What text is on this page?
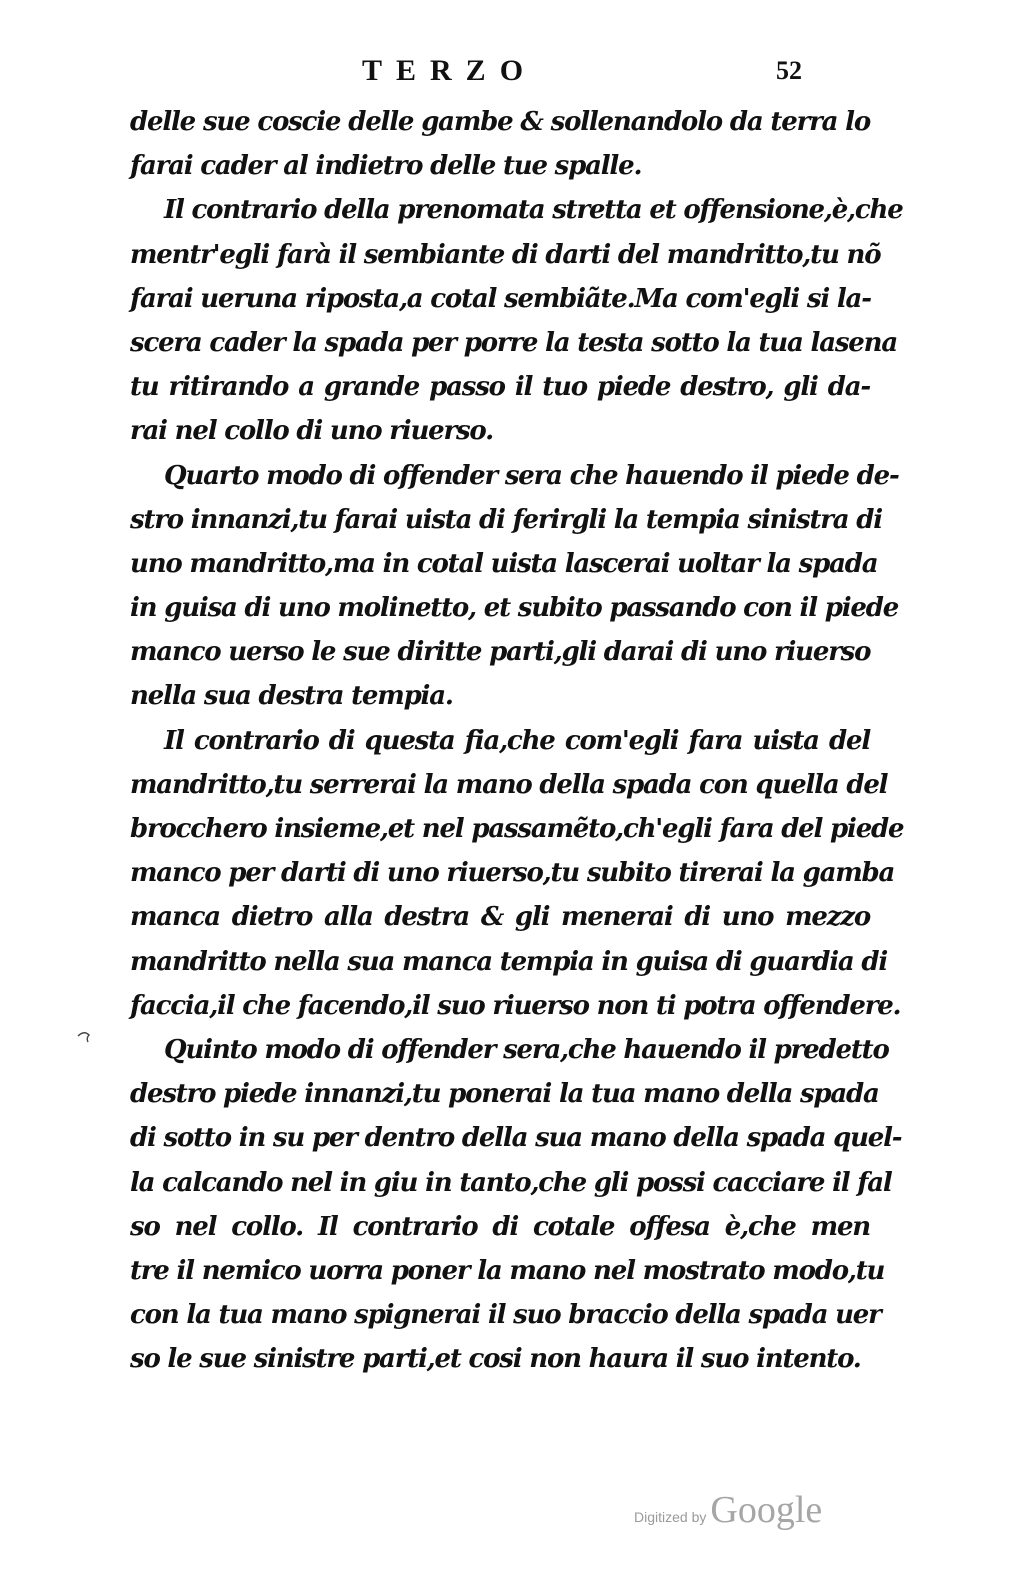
TERZO	52
delle sue coscie delle gambe & sollenandolo da terra lo
farai cader al indietro delle tue spalle.
Il contrario della prenomata stretta et offensione,è,che
mentr'egli farà il sembiante di darti del mandritto,tu nõ
farai ueruna riposta,a cotal sembiãte.Ma com'egli si la-
scera cader la spada per porre la testa sotto la tua lasena
tu ritirando a grande passo il tuo piede destro, gli da-
rai nel collo di uno riuerso.
Quarto modo di offender sera che hauendo il piede de-
stro innanzi,tu farai uista di ferirgli la tempia sinistra di
uno mandritto,ma in cotal uista lascerai uoltar la spada
in guisa di uno molinetto, et subito passando con il piede
manco uerso le sue diritte parti,gli darai di uno riuerso
nella sua destra tempia.
Il contrario di questa fia,che com'egli fara uista del
mandritto,tu serrerai la mano della spada con quella del
brocchero insieme,et nel passamẽto,ch'egli fara del piede
manco per darti di uno riuerso,tu subito tirerai la gamba
manca dietro alla destra & gli menerai di uno mezzo
mandritto nella sua manca tempia in guisa di guardia di
faccia,il che facendo,il suo riuerso non ti potra offendere.
Quinto modo di offender sera,che hauendo il predetto
destro piede innanzi,tu ponerai la tua mano della spada
di sotto in su per dentro della sua mano della spada quel-
la calcando nel in giu in tanto,che gli possi cacciare il fal
so nel collo. Il contrario di cotale offesa è,che men
tre il nemico uorra poner la mano nel mostrato modo,tu
con la tua mano spignerai il suo braccio della spada uer
so le sue sinistre parti,et cosi non haura il suo intento.
Digitized by Google
